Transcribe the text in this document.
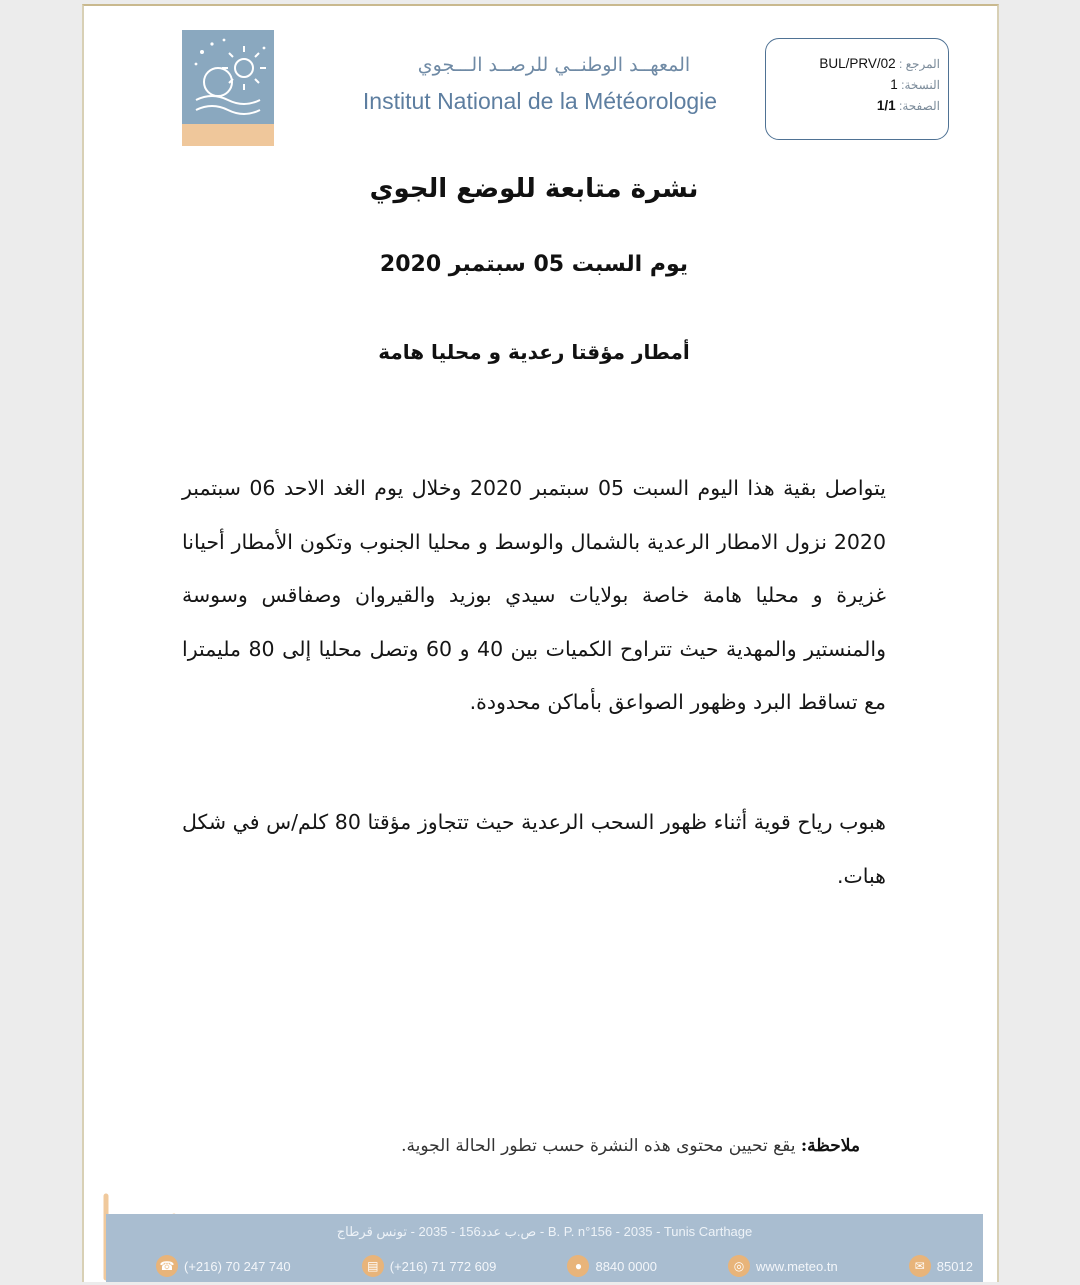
المعهــد الوطنــي للرصــد الـــجوي
Institut National de la Météorologie
المرجع : BUL/PRV/02
النسخة: 1
الصفحة: 1/1
نشرة متابعة للوضع الجوي
يوم السبت 05 سبتمبر 2020
أمطار مؤقتا رعدية و محليا هامة
يتواصل بقية هذا اليوم السبت 05 سبتمبر 2020 وخلال يوم الغد الاحد 06 سبتمبر 2020 نزول الامطار الرعدية بالشمال والوسط و محليا الجنوب وتكون الأمطار أحيانا غزيرة و محليا هامة خاصة بولايات سيدي بوزيد والقيروان وصفاقس وسوسة والمنستير والمهدية حيث تتراوح الكميات بين 40 و 60 وتصل محليا إلى 80 مليمترا مع تساقط البرد وظهور الصواعق بأماكن محدودة.
هبوب رياح قوية أثناء ظهور السحب الرعدية حيث تتجاوز مؤقتا 80 كلم/س في شكل هبات.
ملاحظة: يقع تحيين محتوى هذه النشرة حسب تطور الحالة الجوية.
ص.ب عدد156 - 2035 - تونس قرطاج - B. P. n°156 - 2035 - Tunis Carthage
☎ (+216) 70 247 740	▤ (+216) 71 772 609	●	8840 0000	◎ www.meteo.tn	✉ 85012
